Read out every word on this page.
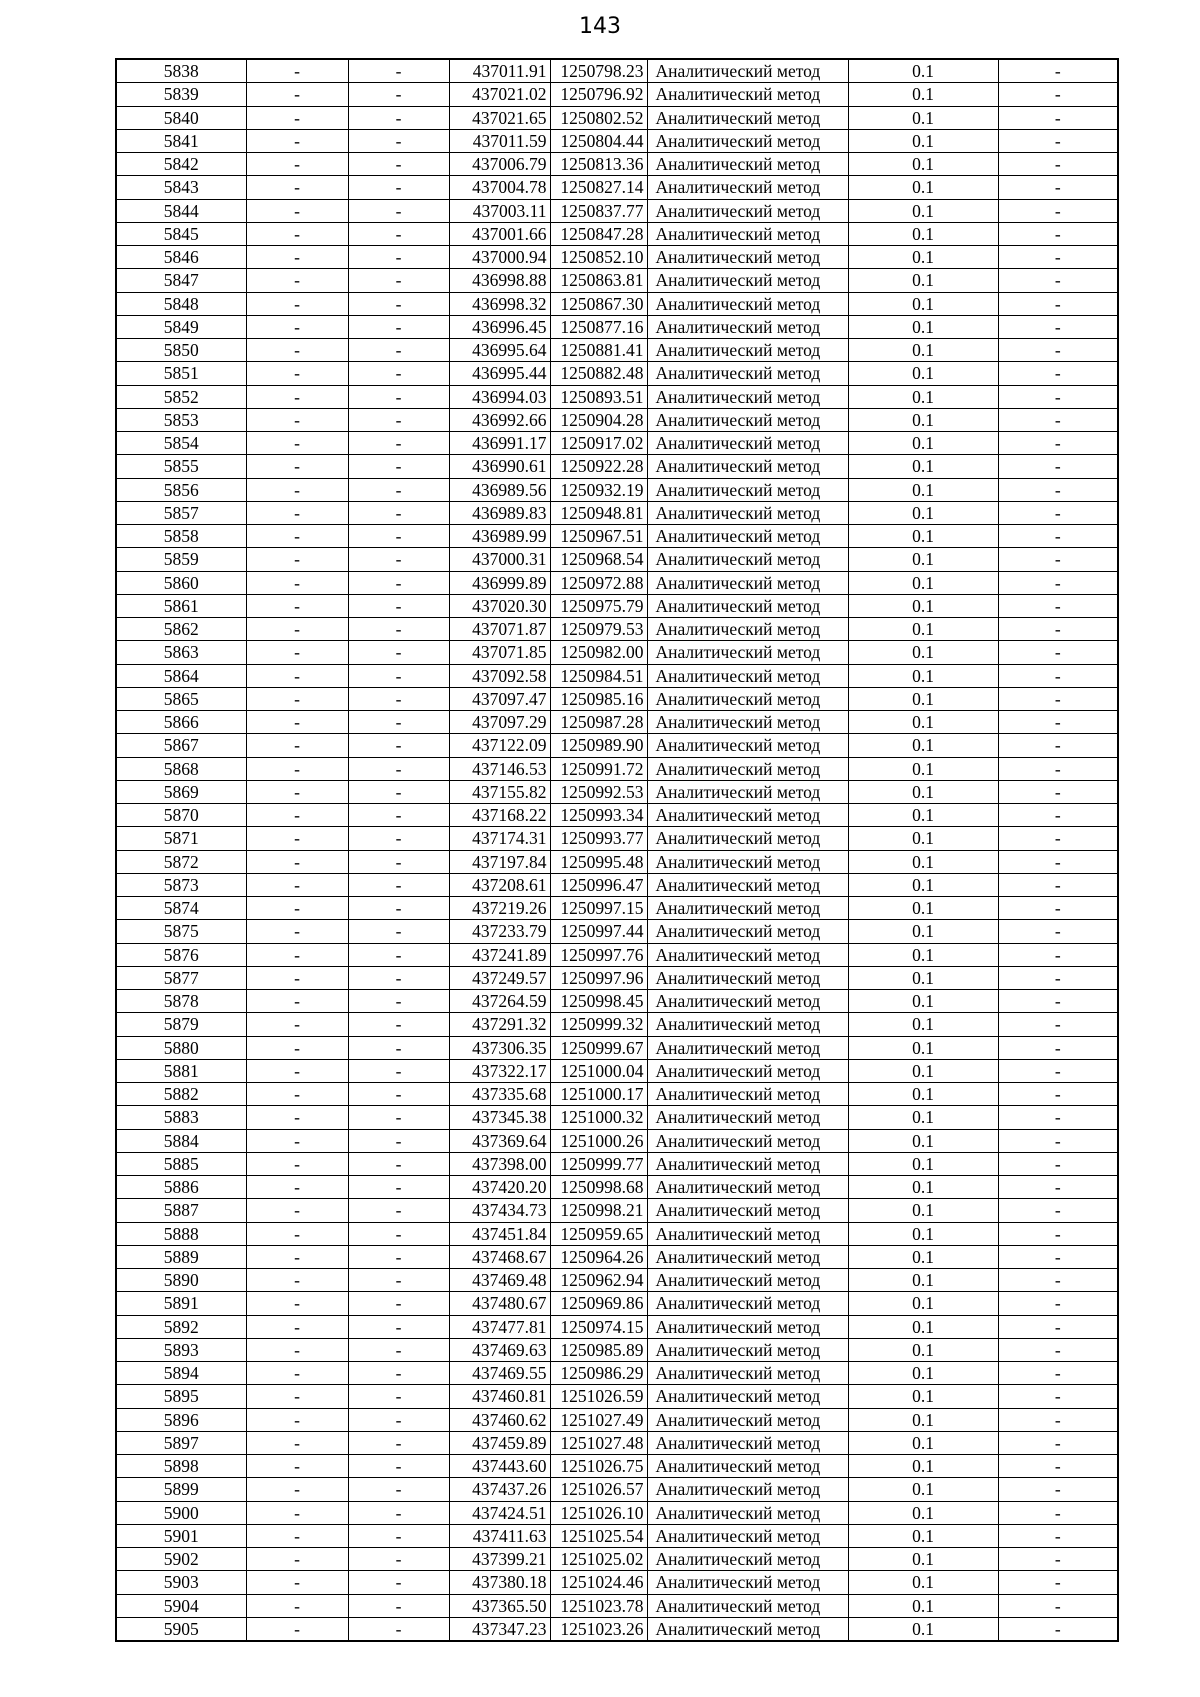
143
5838	-	-	437011.91	1250798.23	Аналитический метод	0.1	-
5839	-	-	437021.02	1250796.92	Аналитический метод	0.1	-
5840	-	-	437021.65	1250802.52	Аналитический метод	0.1	-
5841	-	-	437011.59	1250804.44	Аналитический метод	0.1	-
5842	-	-	437006.79	1250813.36	Аналитический метод	0.1	-
5843	-	-	437004.78	1250827.14	Аналитический метод	0.1	-
5844	-	-	437003.11	1250837.77	Аналитический метод	0.1	-
5845	-	-	437001.66	1250847.28	Аналитический метод	0.1	-
5846	-	-	437000.94	1250852.10	Аналитический метод	0.1	-
5847	-	-	436998.88	1250863.81	Аналитический метод	0.1	-
5848	-	-	436998.32	1250867.30	Аналитический метод	0.1	-
5849	-	-	436996.45	1250877.16	Аналитический метод	0.1	-
5850	-	-	436995.64	1250881.41	Аналитический метод	0.1	-
5851	-	-	436995.44	1250882.48	Аналитический метод	0.1	-
5852	-	-	436994.03	1250893.51	Аналитический метод	0.1	-
5853	-	-	436992.66	1250904.28	Аналитический метод	0.1	-
5854	-	-	436991.17	1250917.02	Аналитический метод	0.1	-
5855	-	-	436990.61	1250922.28	Аналитический метод	0.1	-
5856	-	-	436989.56	1250932.19	Аналитический метод	0.1	-
5857	-	-	436989.83	1250948.81	Аналитический метод	0.1	-
5858	-	-	436989.99	1250967.51	Аналитический метод	0.1	-
5859	-	-	437000.31	1250968.54	Аналитический метод	0.1	-
5860	-	-	436999.89	1250972.88	Аналитический метод	0.1	-
5861	-	-	437020.30	1250975.79	Аналитический метод	0.1	-
5862	-	-	437071.87	1250979.53	Аналитический метод	0.1	-
5863	-	-	437071.85	1250982.00	Аналитический метод	0.1	-
5864	-	-	437092.58	1250984.51	Аналитический метод	0.1	-
5865	-	-	437097.47	1250985.16	Аналитический метод	0.1	-
5866	-	-	437097.29	1250987.28	Аналитический метод	0.1	-
5867	-	-	437122.09	1250989.90	Аналитический метод	0.1	-
5868	-	-	437146.53	1250991.72	Аналитический метод	0.1	-
5869	-	-	437155.82	1250992.53	Аналитический метод	0.1	-
5870	-	-	437168.22	1250993.34	Аналитический метод	0.1	-
5871	-	-	437174.31	1250993.77	Аналитический метод	0.1	-
5872	-	-	437197.84	1250995.48	Аналитический метод	0.1	-
5873	-	-	437208.61	1250996.47	Аналитический метод	0.1	-
5874	-	-	437219.26	1250997.15	Аналитический метод	0.1	-
5875	-	-	437233.79	1250997.44	Аналитический метод	0.1	-
5876	-	-	437241.89	1250997.76	Аналитический метод	0.1	-
5877	-	-	437249.57	1250997.96	Аналитический метод	0.1	-
5878	-	-	437264.59	1250998.45	Аналитический метод	0.1	-
5879	-	-	437291.32	1250999.32	Аналитический метод	0.1	-
5880	-	-	437306.35	1250999.67	Аналитический метод	0.1	-
5881	-	-	437322.17	1251000.04	Аналитический метод	0.1	-
5882	-	-	437335.68	1251000.17	Аналитический метод	0.1	-
5883	-	-	437345.38	1251000.32	Аналитический метод	0.1	-
5884	-	-	437369.64	1251000.26	Аналитический метод	0.1	-
5885	-	-	437398.00	1250999.77	Аналитический метод	0.1	-
5886	-	-	437420.20	1250998.68	Аналитический метод	0.1	-
5887	-	-	437434.73	1250998.21	Аналитический метод	0.1	-
5888	-	-	437451.84	1250959.65	Аналитический метод	0.1	-
5889	-	-	437468.67	1250964.26	Аналитический метод	0.1	-
5890	-	-	437469.48	1250962.94	Аналитический метод	0.1	-
5891	-	-	437480.67	1250969.86	Аналитический метод	0.1	-
5892	-	-	437477.81	1250974.15	Аналитический метод	0.1	-
5893	-	-	437469.63	1250985.89	Аналитический метод	0.1	-
5894	-	-	437469.55	1250986.29	Аналитический метод	0.1	-
5895	-	-	437460.81	1251026.59	Аналитический метод	0.1	-
5896	-	-	437460.62	1251027.49	Аналитический метод	0.1	-
5897	-	-	437459.89	1251027.48	Аналитический метод	0.1	-
5898	-	-	437443.60	1251026.75	Аналитический метод	0.1	-
5899	-	-	437437.26	1251026.57	Аналитический метод	0.1	-
5900	-	-	437424.51	1251026.10	Аналитический метод	0.1	-
5901	-	-	437411.63	1251025.54	Аналитический метод	0.1	-
5902	-	-	437399.21	1251025.02	Аналитический метод	0.1	-
5903	-	-	437380.18	1251024.46	Аналитический метод	0.1	-
5904	-	-	437365.50	1251023.78	Аналитический метод	0.1	-
5905	-	-	437347.23	1251023.26	Аналитический метод	0.1	-
